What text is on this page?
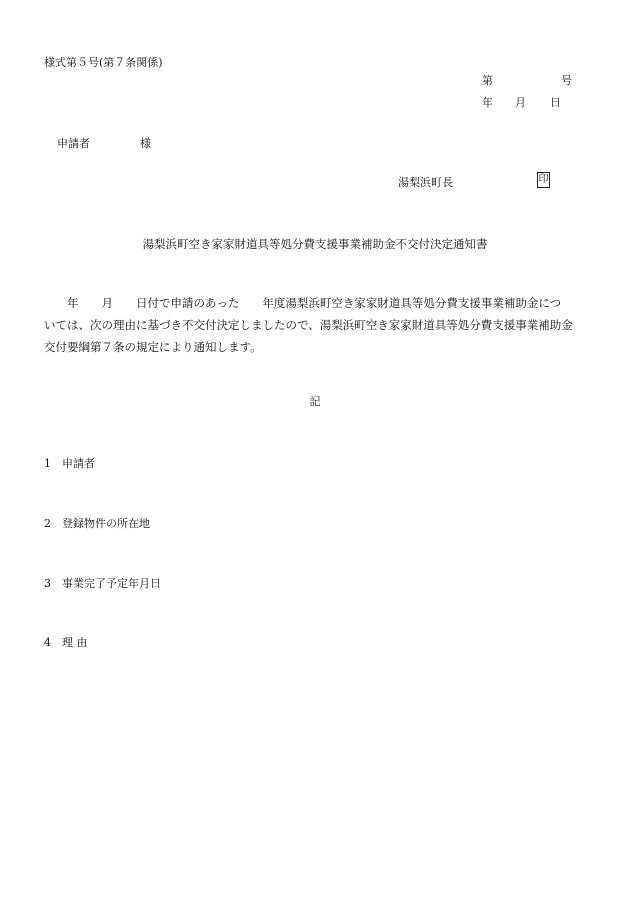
様式第５号(第７条関係)
第	号
年 月 日
申請者	様
湯梨浜町長	印
湯梨浜町空き家家財道具等処分費支援事業補助金不交付決定通知書

　　年　　月　　日付で申請のあった　　年度湯梨浜町空き家家財道具等処分費支援事業補助金につ

いては、次の理由に基づき不交付決定しましたので、湯梨浜町空き家家財道具等処分費支援事業補助金

交付要綱第７条の規定により通知します。

記
1 申請者
2 登録物件の所在地
3 事業完了予定年月日
4 理 由
